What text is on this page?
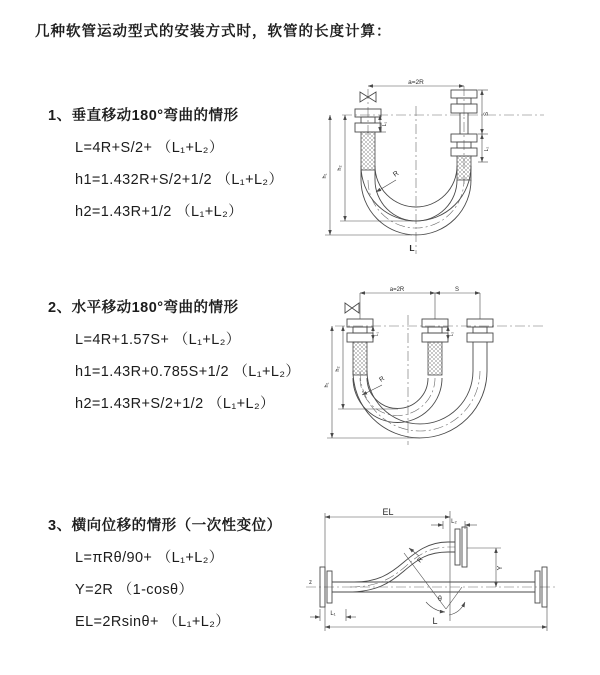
几种软管运动型式的安装方式时，软管的长度计算：
1、垂直移动180°弯曲的情形
L=4R+S/2+ （L₁+L₂）
h1=1.432R+S/2+1/2 （L₁+L₂）
h2=1.43R+1/2 （L₁+L₂）
2、水平移动180°弯曲的情形
L=4R+1.57S+ （L₁+L₂）
h1=1.43R+0.785S+1/2 （L₁+L₂）
h2=1.43R+S/2+1/2 （L₁+L₂）
3、横向位移的情形（一次性变位）
L=πRθ/90+ （L₁+L₂）
Y=2R （1-cosθ）
EL=2Rsinθ+ （L₁+L₂）
a=2R
h₁
h₂
L₁
S
L₂
R
L
a=2R	S
h₁
h₂
L₁	L₂
R
z
θ
R
EL
L₂
Y
L₁
L
